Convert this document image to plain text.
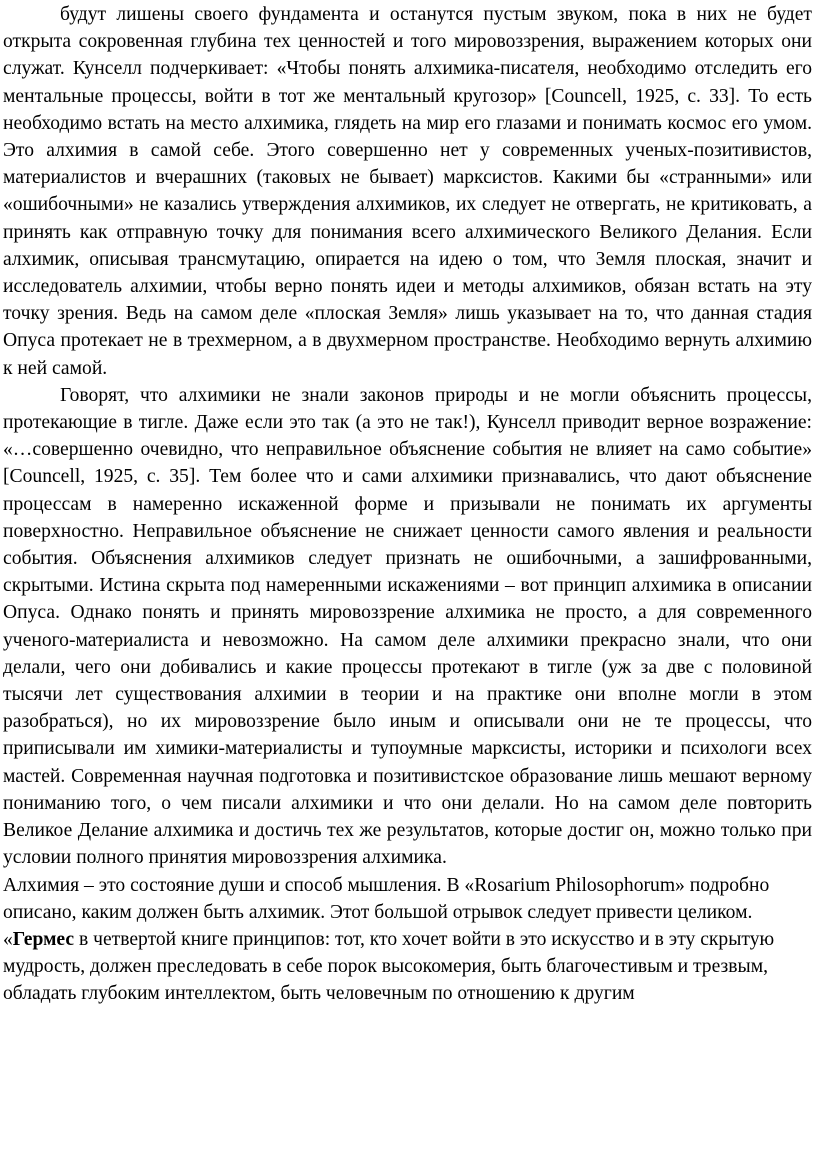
будут лишены своего фундамента и останутся пустым звуком, пока в них не будет открыта сокровенная глубина тех ценностей и того мировоззрения, выражением которых они служат. Кунселл подчеркивает: «Чтобы понять алхимика-писателя, необходимо отследить его ментальные процессы, войти в тот же ментальный кругозор» [Councell, 1925, с. 33]. То есть необходимо встать на место алхимика, глядеть на мир его глазами и понимать космос его умом. Это алхимия в самой себе. Этого совершенно нет у современных ученых-позитивистов, материалистов и вчерашних (таковых не бывает) марксистов. Какими бы «странными» или «ошибочными» не казались утверждения алхимиков, их следует не отвергать, не критиковать, а принять как отправную точку для понимания всего алхимического Великого Делания. Если алхимик, описывая трансмутацию, опирается на идею о том, что Земля плоская, значит и исследователь алхимии, чтобы верно понять идеи и методы алхимиков, обязан встать на эту точку зрения. Ведь на самом деле «плоская Земля» лишь указывает на то, что данная стадия Опуса протекает не в трехмерном, а в двухмерном пространстве. Необходимо вернуть алхимию к ней самой.

Говорят, что алхимики не знали законов природы и не могли объяснить процессы, протекающие в тигле. Даже если это так (а это не так!), Кунселл приводит верное возражение: «…совершенно очевидно, что неправильное объяснение события не влияет на само событие» [Councell, 1925, с. 35]. Тем более что и сами алхимики признавались, что дают объяснение процессам в намеренно искаженной форме и призывали не понимать их аргументы поверхностно. Неправильное объяснение не снижает ценности самого явления и реальности события. Объяснения алхимиков следует признать не ошибочными, а зашифрованными, скрытыми. Истина скрыта под намеренными искажениями – вот принцип алхимика в описании Опуса. Однако понять и принять мировоззрение алхимика не просто, а для современного ученого-материалиста и невозможно. На самом деле алхимики прекрасно знали, что они делали, чего они добивались и какие процессы протекают в тигле (уж за две с половиной тысячи лет существования алхимии в теории и на практике они вполне могли в этом разобраться), но их мировоззрение было иным и описывали они не те процессы, что приписывали им химики-материалисты и тупоумные марксисты, историки и психологи всех мастей. Современная научная подготовка и позитивистское образование лишь мешают верному пониманию того, о чем писали алхимики и что они делали. Но на самом деле повторить Великое Делание алхимика и достичь тех же результатов, которые достиг он, можно только при условии полного принятия мировоззрения алхимика.

Алхимия – это состояние души и способ мышления. В «Rosarium Philosophorum» подробно описано, каким должен быть алхимик. Этот большой отрывок следует привести целиком. «Гермес в четвертой книге принципов: тот, кто хочет войти в это искусство и в эту скрытую мудрость, должен преследовать в себе порок высокомерия, быть благочестивым и трезвым, обладать глубоким интеллектом, быть человечным по отношению к другим
